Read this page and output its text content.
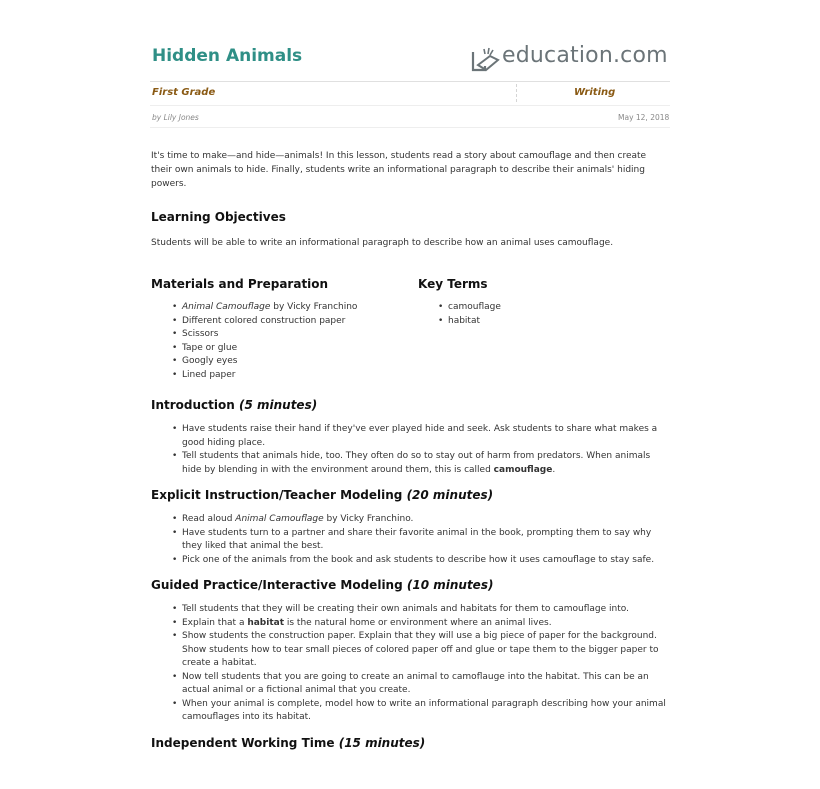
Hidden Animals	education.com
First Grade	Writing
by Lily Jones	May 12, 2018
It's time to make—and hide—animals! In this lesson, students read a story about camouflage and then create their own animals to hide. Finally, students write an informational paragraph to describe their animals' hiding powers.
Learning Objectives
Students will be able to write an informational paragraph to describe how an animal uses camouflage.
Materials and Preparation
• Animal Camouflage by Vicky Franchino
• Different colored construction paper
• Scissors
• Tape or glue
• Googly eyes
• Lined paper
Key Terms
• camouflage
• habitat
Introduction (5 minutes)
• Have students raise their hand if they've ever played hide and seek. Ask students to share what makes a good hiding place.
• Tell students that animals hide, too. They often do so to stay out of harm from predators. When animals hide by blending in with the environment around them, this is called camouflage.
Explicit Instruction/Teacher Modeling (20 minutes)
• Read aloud Animal Camouflage by Vicky Franchino.
• Have students turn to a partner and share their favorite animal in the book, prompting them to say why they liked that animal the best.
• Pick one of the animals from the book and ask students to describe how it uses camouflage to stay safe.
Guided Practice/Interactive Modeling (10 minutes)
• Tell students that they will be creating their own animals and habitats for them to camouflage into.
• Explain that a habitat is the natural home or environment where an animal lives.
• Show students the construction paper. Explain that they will use a big piece of paper for the background. Show students how to tear small pieces of colored paper off and glue or tape them to the bigger paper to create a habitat.
• Now tell students that you are going to create an animal to camoflauge into the habitat. This can be an actual animal or a fictional animal that you create.
• When your animal is complete, model how to write an informational paragraph describing how your animal camouflages into its habitat.
Independent Working Time (15 minutes)
